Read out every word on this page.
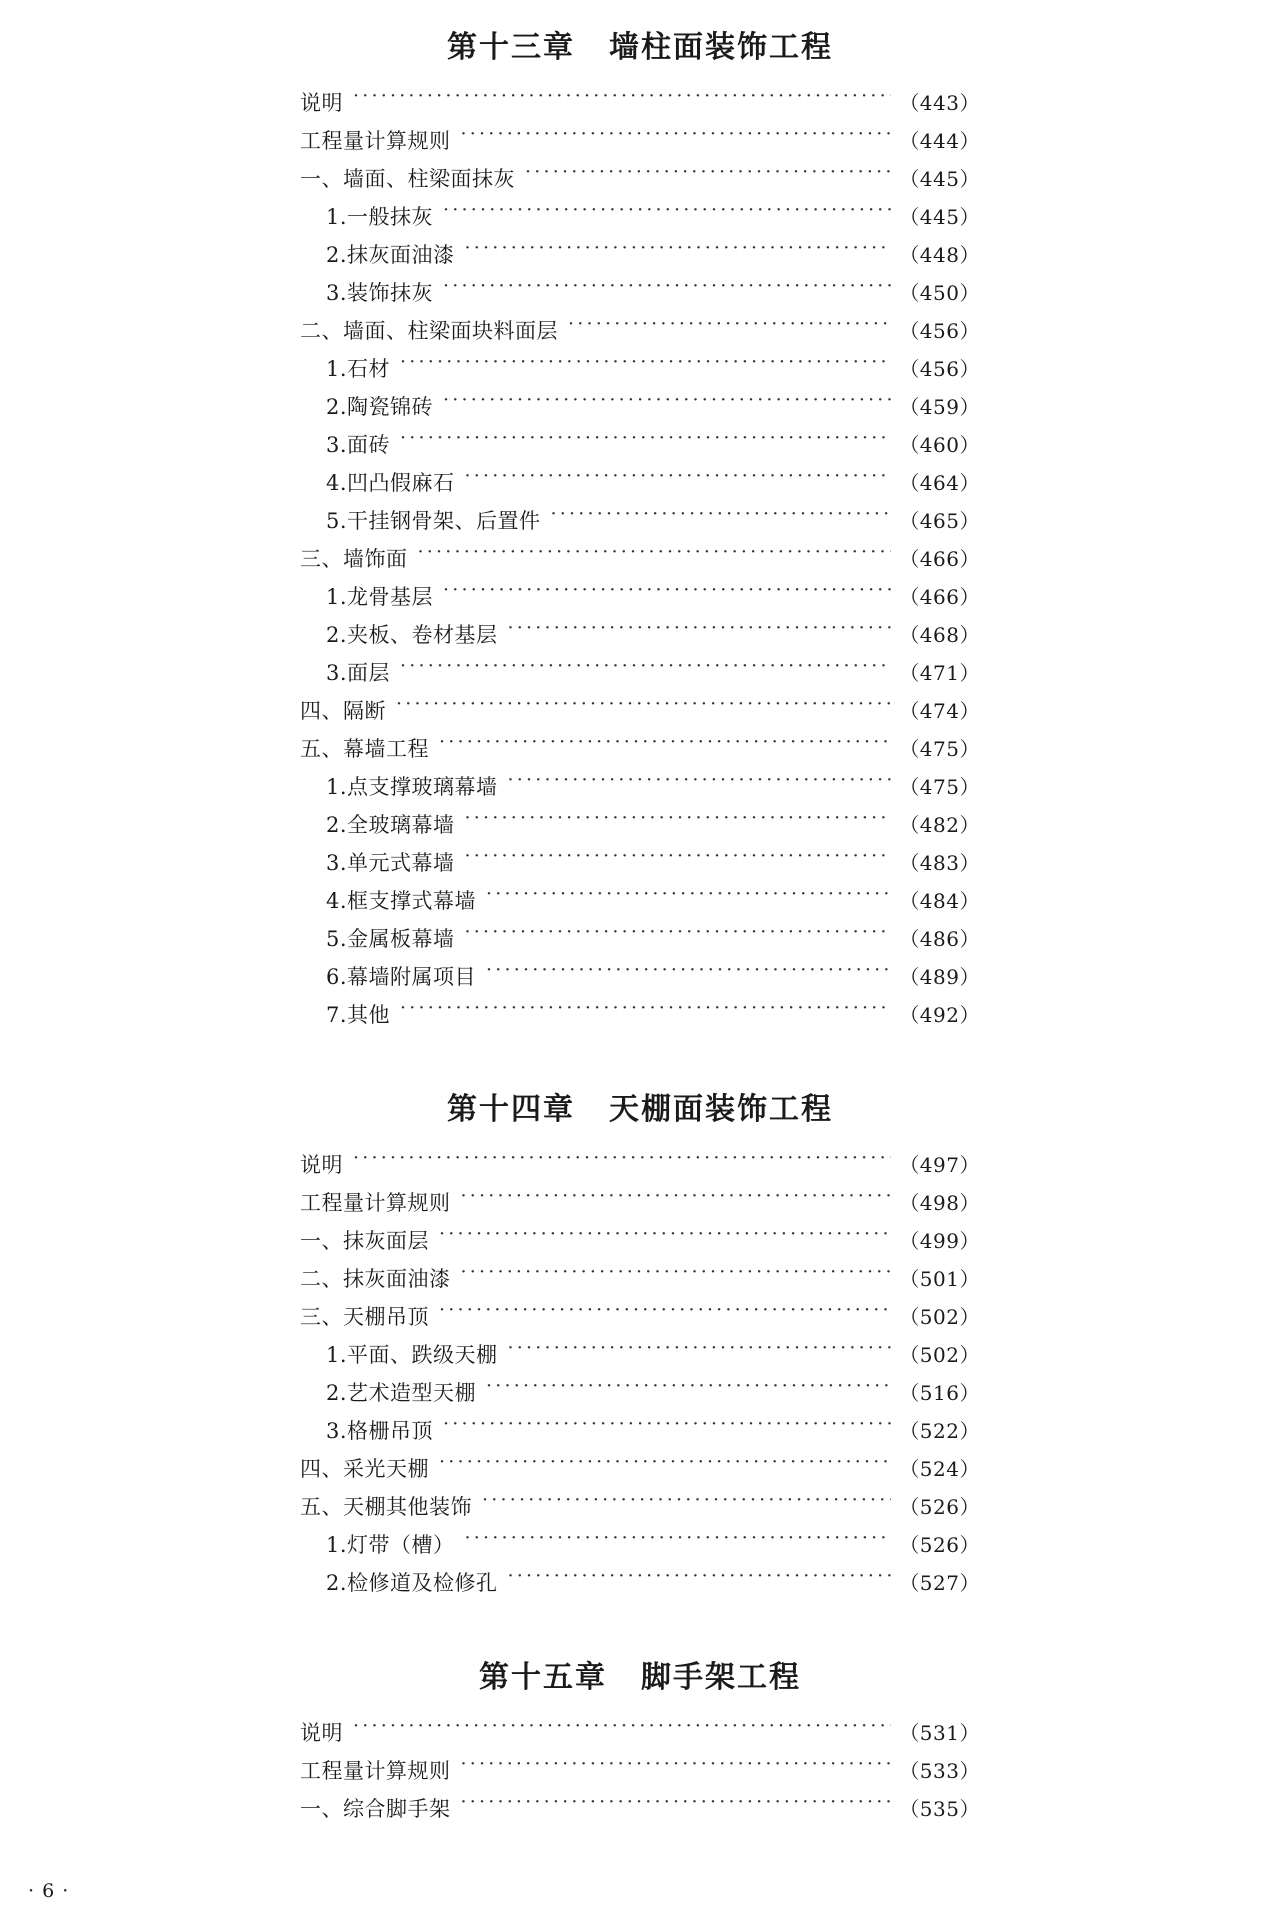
第十三章 墙柱面装饰工程
说明 ·····	（443）
工程量计算规则 ·····	（444）
一、墙面、柱梁面抹灰 ·····	（445）
1.一般抹灰 ·····	（445）
2.抹灰面油漆 ·····	（448）
3.装饰抹灰 ·····	（450）
二、墙面、柱梁面块料面层 ·····	（456）
1.石材 ·····	（456）
2.陶瓷锦砖 ·····	（459）
3.面砖 ·····	（460）
4.凹凸假麻石 ·····	（464）
5.干挂钢骨架、后置件 ·····	（465）
三、墙饰面 ·····	（466）
1.龙骨基层 ·····	（466）
2.夹板、卷材基层 ·····	（468）
3.面层 ·····	（471）
四、隔断 ·····	（474）
五、幕墙工程 ·····	（475）
1.点支撑玻璃幕墙 ·····	（475）
2.全玻璃幕墙 ·····	（482）
3.单元式幕墙 ·····	（483）
4.框支撑式幕墙 ·····	（484）
5.金属板幕墙 ·····	（486）
6.幕墙附属项目 ·····	（489）
7.其他 ·····	（492）
第十四章 天棚面装饰工程
说明 ·····	（497）
工程量计算规则 ·····	（498）
一、抹灰面层 ·····	（499）
二、抹灰面油漆 ·····	（501）
三、天棚吊顶 ·····	（502）
1.平面、跌级天棚 ·····	（502）
2.艺术造型天棚 ·····	（516）
3.格栅吊顶 ·····	（522）
四、采光天棚 ·····	（524）
五、天棚其他装饰 ·····	（526）
1.灯带（槽） ·····	（526）
2.检修道及检修孔 ·····	（527）
第十五章 脚手架工程
说明 ·····	（531）
工程量计算规则 ·····	（533）
一、综合脚手架 ·····	（535）
· 6 ·
